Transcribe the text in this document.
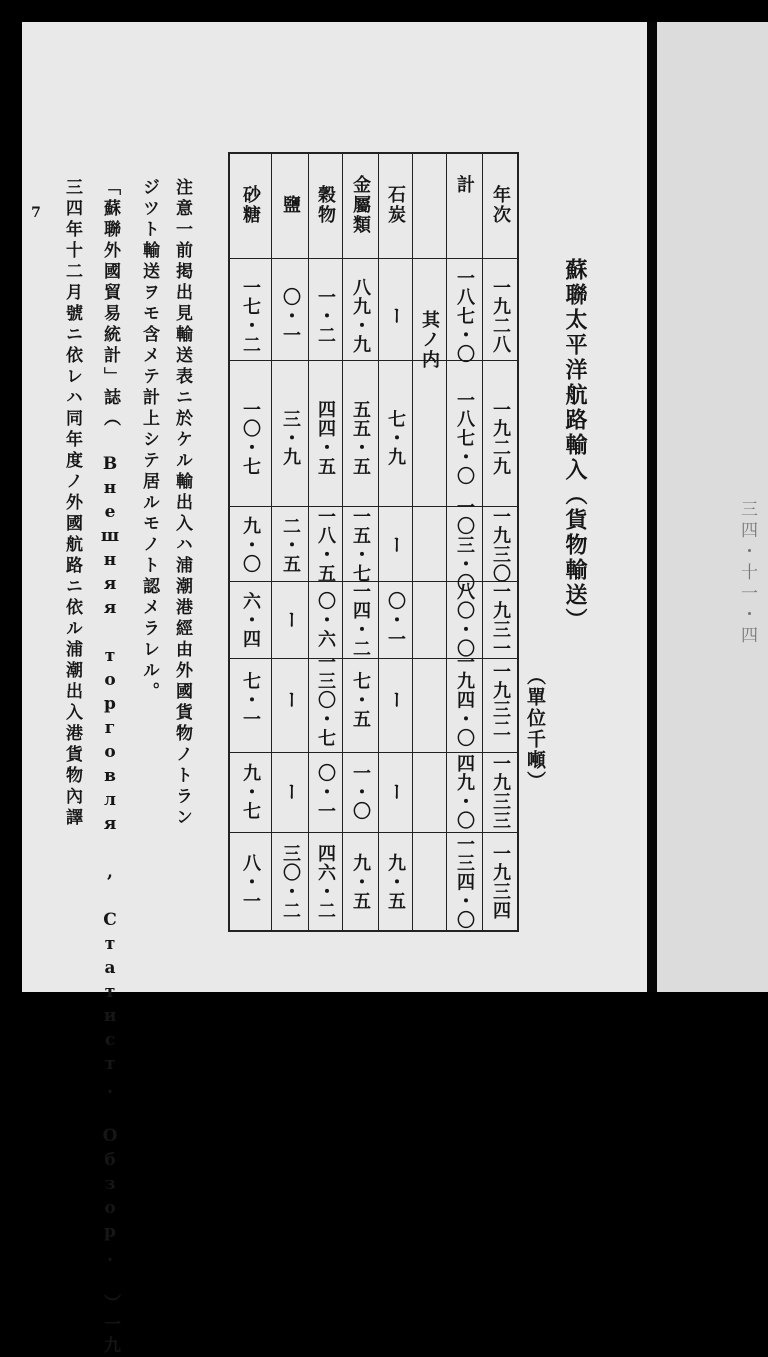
蘇聯太平洋航路輸入（貨物輸送）
（單位千噸）
7
三四・十一・四
注意一前掲出見輸送表ニ於ケル輸出入ハ浦潮港經由外國貨物ノトラン
ジツト輸送ヲモ含メテ計上シテ居ルモノト認メラレル。
「蘇聯外國貿易統計」誌（ Внешняя торговля , Статист. Обзор. ）一九
三四年十二月號ニ依レハ同年度ノ外國航路ニ依ル浦潮出入港貨物內譯	年次
一九二八
一九二九
一九三〇
一九三一
一九三二
一九三三
一九三四
計
一八七・〇
一八七・〇
一〇三・〇
八〇・〇
一九四・〇
四九・〇
一三四・〇
其ノ内
石炭
ー
七・九
ー
〇・一
ー
ー
九・五
金屬類
八九・九
五五・五
一五・七
一四・二
七・五
一・〇
九・五
穀物
一・二
四四・五
一八・五
〇・六
一三〇・七
〇・一
四六・二
鹽
〇・一
三・九
二・五
ー
ー
ー
三〇・二
砂糖
一七・二
一〇・七
九・〇
六・四
七・一
九・七
八・一
